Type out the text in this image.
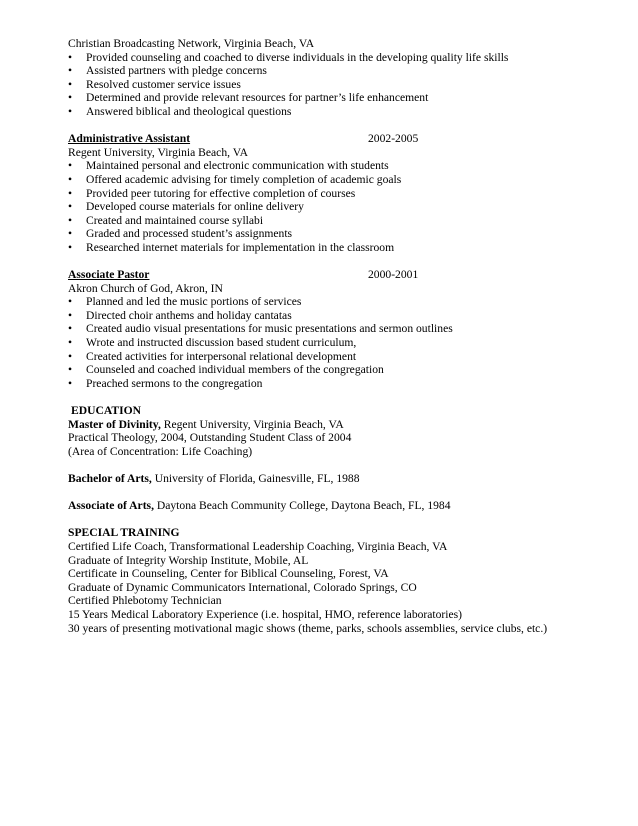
Christian Broadcasting Network, Virginia Beach, VA
• Provided counseling and coached to diverse individuals in the developing quality life skills
• Assisted partners with pledge concerns
• Resolved customer service issues
• Determined and provide relevant resources for partner’s life enhancement
• Answered biblical and theological questions
Administrative Assistant	2002-2005
Regent University, Virginia Beach, VA
• Maintained personal and electronic communication with students
• Offered academic advising for timely completion of academic goals
• Provided peer tutoring for effective completion of courses
• Developed course materials for online delivery
• Created and maintained course syllabi
• Graded and processed student’s assignments
• Researched internet materials for implementation in the classroom
Associate Pastor	2000-2001
Akron Church of God, Akron, IN
• Planned and led the music portions of services
• Directed choir anthems and holiday cantatas
• Created audio visual presentations for music presentations and sermon outlines
• Wrote and instructed discussion based student curriculum,
• Created activities for interpersonal relational development
• Counseled and coached individual members of the congregation
• Preached sermons to the congregation
EDUCATION
Master of Divinity, Regent University, Virginia Beach, VA
Practical Theology, 2004, Outstanding Student Class of 2004
(Area of Concentration: Life Coaching)
Bachelor of Arts, University of Florida, Gainesville, FL, 1988
Associate of Arts, Daytona Beach Community College, Daytona Beach, FL, 1984
SPECIAL TRAINING
Certified Life Coach, Transformational Leadership Coaching, Virginia Beach, VA
Graduate of Integrity Worship Institute, Mobile, AL
Certificate in Counseling, Center for Biblical Counseling, Forest, VA
Graduate of Dynamic Communicators International, Colorado Springs, CO
Certified Phlebotomy Technician
15 Years Medical Laboratory Experience (i.e. hospital, HMO, reference laboratories)
30 years of presenting motivational magic shows (theme, parks, schools assemblies, service clubs, etc.)
